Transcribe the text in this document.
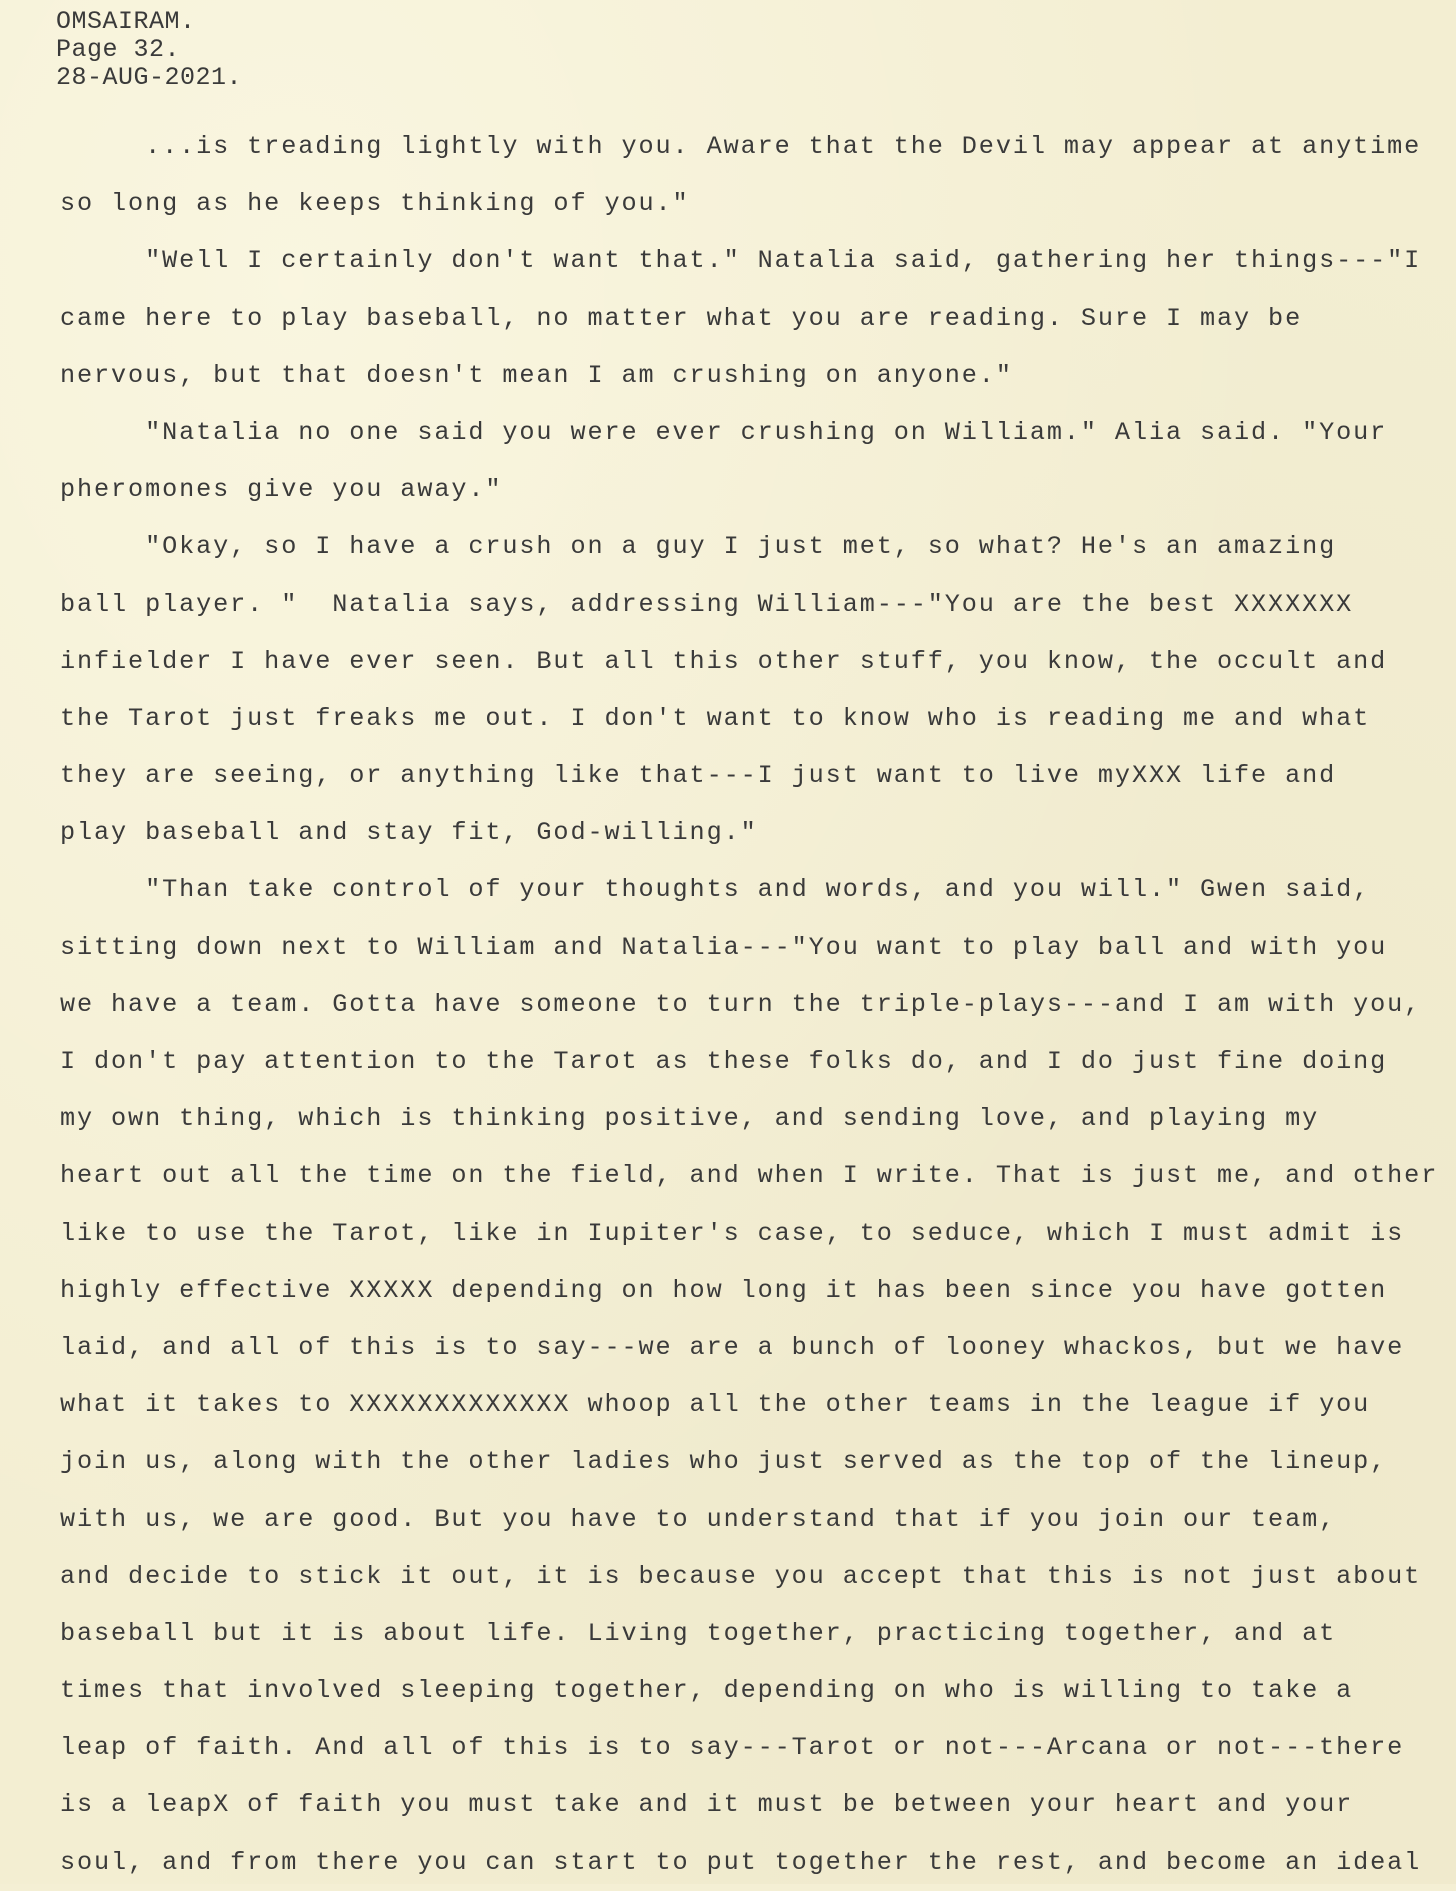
OMSAIRAM.
Page 32.
28-AUG-2021.
...is treading lightly with you. Aware that the Devil may appear at anytime
so long as he keeps thinking of you."
"Well I certainly don't want that." Natalia said, gathering her things---"I
came here to play baseball, no matter what you are reading. Sure I may be
nervous, but that doesn't mean I am crushing on anyone."
"Natalia no one said you were ever crushing on William." Alia said. "Your
pheromones give you away."
"Okay, so I have a crush on a guy I just met, so what? He's an amazing
ball player. "  Natalia says, addressing William---"You are the best XXXXXXX
infielder I have ever seen. But all this other stuff, you know, the occult and
the Tarot just freaks me out. I don't want to know who is reading me and what
they are seeing, or anything like that---I just want to live myXXX life and
play baseball and stay fit, God-willing."
"Than take control of your thoughts and words, and you will." Gwen said,
sitting down next to William and Natalia---"You want to play ball and with you
we have a team. Gotta have someone to turn the triple-plays---and I am with you,
I don't pay attention to the Tarot as these folks do, and I do just fine doing
my own thing, which is thinking positive, and sending love, and playing my
heart out all the time on the field, and when I write. That is just me, and other
like to use the Tarot, like in Iupiter's case, to seduce, which I must admit is
highly effective XXXXX depending on how long it has been since you have gotten
laid, and all of this is to say---we are a bunch of looney whackos, but we have
what it takes to XXXXXXXXXXXXX whoop all the other teams in the league if you
join us, along with the other ladies who just served as the top of the lineup,
with us, we are good. But you have to understand that if you join our team,
and decide to stick it out, it is because you accept that this is not just about
baseball but it is about life. Living together, practicing together, and at
times that involved sleeping together, depending on who is willing to take a
leap of faith. And all of this is to say---Tarot or not---Arcana or not---there
is a leapX of faith you must take and it must be between your heart and your
soul, and from there you can start to put together the rest, and become an ideal
